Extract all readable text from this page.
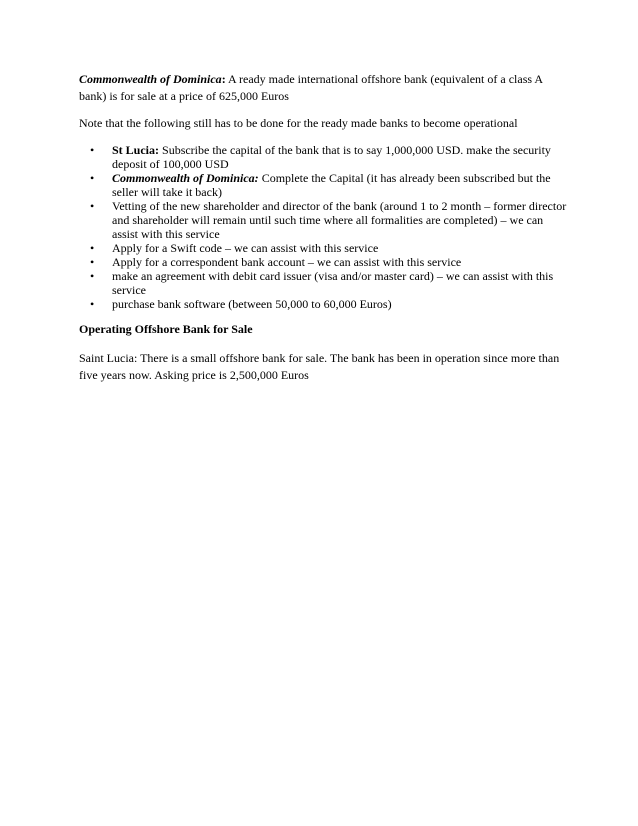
Commonwealth of Dominica: A ready made international offshore bank (equivalent of a class A bank) is for sale at a price of 625,000 Euros

Note that the following still has to be done for the ready made banks to become operational

• St Lucia: Subscribe the capital of the bank that is to say 1,000,000 USD. make the security deposit of 100,000 USD
• Commonwealth of Dominica: Complete the Capital (it has already been subscribed but the seller will take it back)
• Vetting of the new shareholder and director of the bank (around 1 to 2 month – former director and shareholder will remain until such time where all formalities are completed) – we can assist with this service
• Apply for a Swift code – we can assist with this service
• Apply for a correspondent bank account – we can assist with this service
• make an agreement with debit card issuer (visa and/or master card) – we can assist with this service
• purchase bank software (between 50,000 to 60,000 Euros)

Operating Offshore Bank for Sale

Saint Lucia: There is a small offshore bank for sale. The bank has been in operation since more than five years now. Asking price is 2,500,000 Euros
